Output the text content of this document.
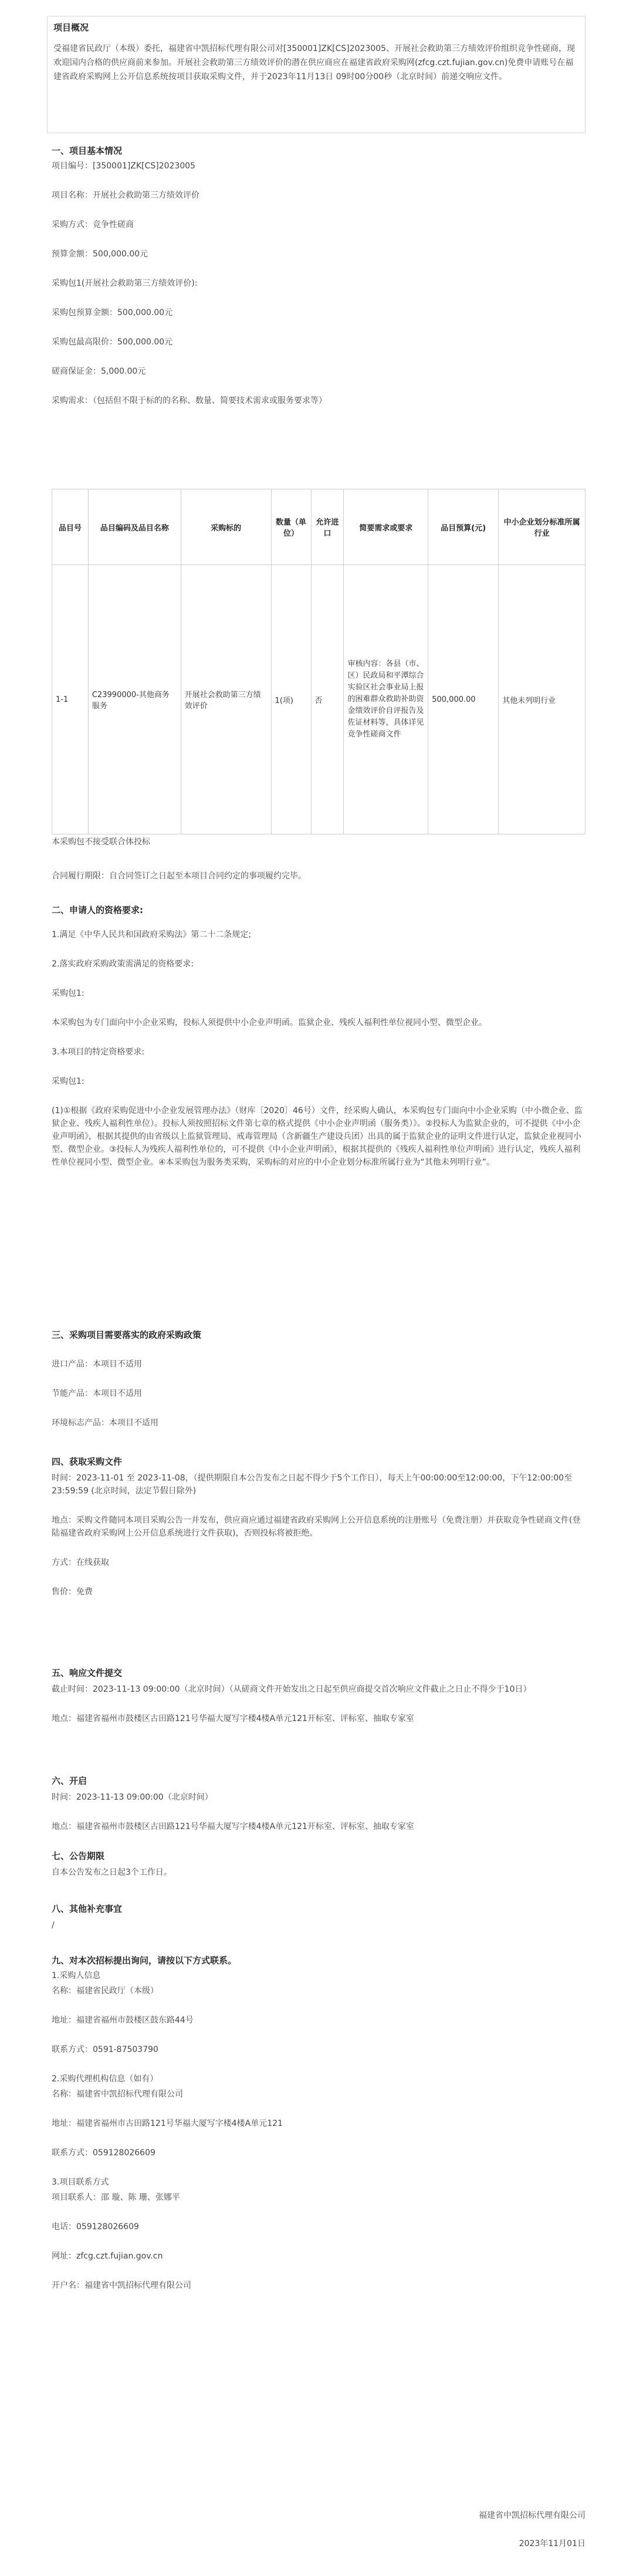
项目概况
受福建省民政厅（本级）委托，福建省中凯招标代理有限公司对[350001]ZK[CS]2023005、开展社会救助第三方绩效评价组织竞争性磋商，现欢迎国内合格的供应商前来参加。开展社会救助第三方绩效评价的潜在供应商应在福建省政府采购网(zfcg.czt.fujian.gov.cn)免费申请账号在福建省政府采购网上公开信息系统按项目获取采购文件，并于2023年11月13日 09时00分00秒（北京时间）前递交响应文件。
一、项目基本情况
项目编号：[350001]ZK[CS]2023005
项目名称：开展社会救助第三方绩效评价
采购方式：竞争性磋商
预算金额：500,000.00元
采购包1(开展社会救助第三方绩效评价):
采购包预算金额：500,000.00元
采购包最高限价：500,000.00元
磋商保证金：5,000.00元
采购需求：（包括但不限于标的的名称、数量、简要技术需求或服务要求等）
品目号	品目编码及品目名称	采购标的	数量（单位）	允许进口	简要需求或要求	品目预算(元)	中小企业划分标准所属行业
1-1	C23990000-其他商务服务	开展社会救助第三方绩效评价	1(项)	否	审核内容：各县（市、区）民政局和平潭综合实验区社会事业局上报的困难群众救助补助资金绩效评价自评报告及佐证材料等，具体详见竞争性磋商文件	500,000.00	其他未列明行业
本采购包不接受联合体投标
合同履行期限：自合同签订之日起至本项目合同约定的事项履约完毕。
二、申请人的资格要求:
1.满足《中华人民共和国政府采购法》第二十二条规定;
2.落实政府采购政策需满足的资格要求:
采购包1:
本采购包为专门面向中小企业采购，投标人须提供中小企业声明函。监狱企业、残疾人福利性单位视同小型、微型企业。
3.本项目的特定资格要求:
采购包1:
(1)①根据《政府采购促进中小企业发展管理办法》（财库〔2020〕46号）文件，经采购人确认，本采购包专门面向中小企业采购（中小微企业、监狱企业、残疾人福利性单位）。投标人须按照招标文件第七章的格式提供《中小企业声明函（服务类）》。②投标人为监狱企业的，可不提供《中小企业声明函》，根据其提供的由省级以上监狱管理局、戒毒管理局（含新疆生产建设兵团）出具的属于监狱企业的证明文件进行认定，监狱企业视同小型、微型企业。③投标人为残疾人福利性单位的，可不提供《中小企业声明函》，根据其提供的《残疾人福利性单位声明函》进行认定，残疾人福利性单位视同小型、微型企业。④本采购包为服务类采购，采购标的对应的中小企业划分标准所属行业为“其他未列明行业”。
三、采购项目需要落实的政府采购政策
进口产品：本项目不适用
节能产品：本项目不适用
环境标志产品：本项目不适用
四、获取采购文件
时间：2023-11-01 至 2023-11-08，（提供期限自本公告发布之日起不得少于5个工作日），每天上午00:00:00至12:00:00，下午12:00:00至23:59:59 (北京时间，法定节假日除外)
地点：采购文件随同本项目采购公告一并发布，供应商应通过福建省政府采购网上公开信息系统的注册账号（免费注册）并获取竞争性磋商文件(登陆福建省政府采购网上公开信息系统进行文件获取)，否则投标将被拒绝。
方式：在线获取
售价：免费
五、响应文件提交
截止时间：2023-11-13 09:00:00（北京时间）（从磋商文件开始发出之日起至供应商提交首次响应文件截止之日止不得少于10日）
地点：福建省福州市鼓楼区古田路121号华福大厦写字楼4楼A单元121开标室、评标室、抽取专家室
六、开启
时间：2023-11-13 09:00:00（北京时间）
地点：福建省福州市鼓楼区古田路121号华福大厦写字楼4楼A单元121开标室、评标室、抽取专家室
七、公告期限
自本公告发布之日起3个工作日。
八、其他补充事宜
/
九、对本次招标提出询问，请按以下方式联系。
1.采购人信息
名称：福建省民政厅（本级）
地址：福建省福州市鼓楼区鼓东路44号
联系方式：0591-87503790
2.采购代理机构信息（如有）
名称：福建省中凯招标代理有限公司
地址：福建省福州市古田路121号华福大厦写字楼4楼A单元121
联系方式：059128026609
3.项目联系方式
项目联系人：邵 璇、陈 珊、张娜平
电话：059128026609
网址：zfcg.czt.fujian.gov.cn
开户名：福建省中凯招标代理有限公司
福建省中凯招标代理有限公司
2023年11月01日
